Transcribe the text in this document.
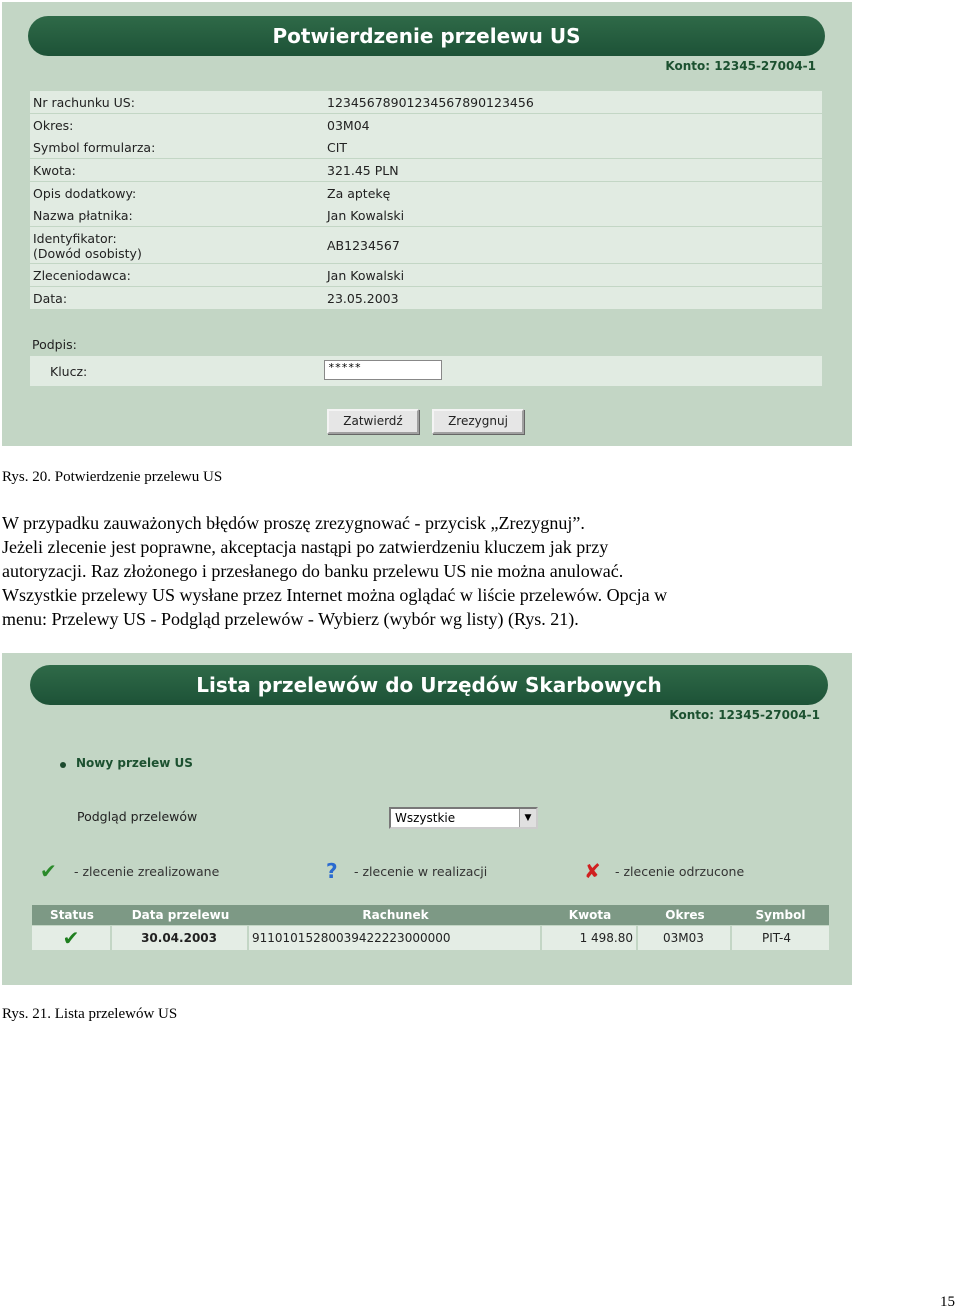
Potwierdzenie przelewu US
Konto: 12345-27004-1
Nr rachunku US:	12345678901234567890123456
Okres:	03M04
Symbol formularza:	CIT
Kwota:	321.45 PLN
Opis dodatkowy:	Za aptekę
Nazwa płatnika:	Jan Kowalski
Identyfikator:
(Dowód osobisty)
AB1234567
Zleceniodawca:	Jan Kowalski
Data:	23.05.2003
Podpis:
Klucz:	*****
Zatwierdź	Zrezygnuj
Rys. 20. Potwierdzenie przelewu US
W przypadku zauważonych błędów proszę zrezygnować - przycisk „Zrezygnuj”.
Jeżeli zlecenie jest poprawne, akceptacja nastąpi po zatwierdzeniu kluczem jak przy
autoryzacji. Raz złożonego i przesłanego do banku przelewu US nie można anulować.
Wszystkie przelewy US wysłane przez Internet można oglądać w liście przelewów. Opcja w
menu: Przelewy US - Podgląd przelewów - Wybierz (wybór wg listy) (Rys. 21).
Lista przelewów do Urzędów Skarbowych
Konto: 12345-27004-1
Nowy przelew US
Podgląd przelewów	Wszystkie	▼
✔ - zlecenie zrealizowane	? - zlecenie w realizacji	✘ - zlecenie odrzucone
Status	Data przelewu	Rachunek	Kwota	Okres	Symbol
✔	30.04.2003	91101015280039422223000000	1 498.80	03M03	PIT-4
Rys. 21. Lista przelewów US
15
